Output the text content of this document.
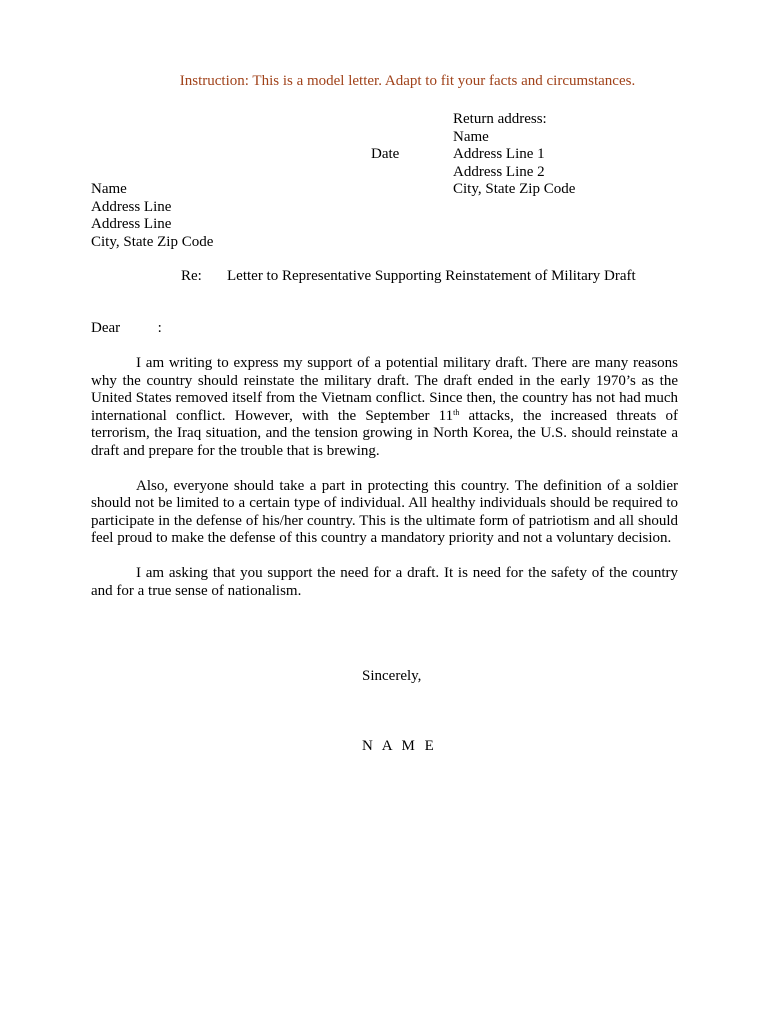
Instruction: This is a model letter. Adapt to fit your facts and circumstances.
Return address:
Name
Address Line 1
Address Line 2
City, State Zip Code
Date
Name
Address Line
Address Line
City, State Zip Code
Re: Letter to Representative Supporting Reinstatement of Military Draft
Dear          :

I am writing to express my support of a potential military draft. There are many reasons why the country should reinstate the military draft. The draft ended in the early 1970’s as the United States removed itself from the Vietnam conflict. Since then, the country has not had much international conflict. However, with the September 11th attacks, the increased threats of terrorism, the Iraq situation, and the tension growing in North Korea, the U.S. should reinstate a draft and prepare for the trouble that is brewing.

Also, everyone should take a part in protecting this country. The definition of a soldier should not be limited to a certain type of individual. All healthy individuals should be required to participate in the defense of his/her country. This is the ultimate form of patriotism and all should feel proud to make the defense of this country a mandatory priority and not a voluntary decision.

I am asking that you support the need for a draft. It is need for the safety of the country and for a true sense of nationalism.

Sincerely,
N A M E
